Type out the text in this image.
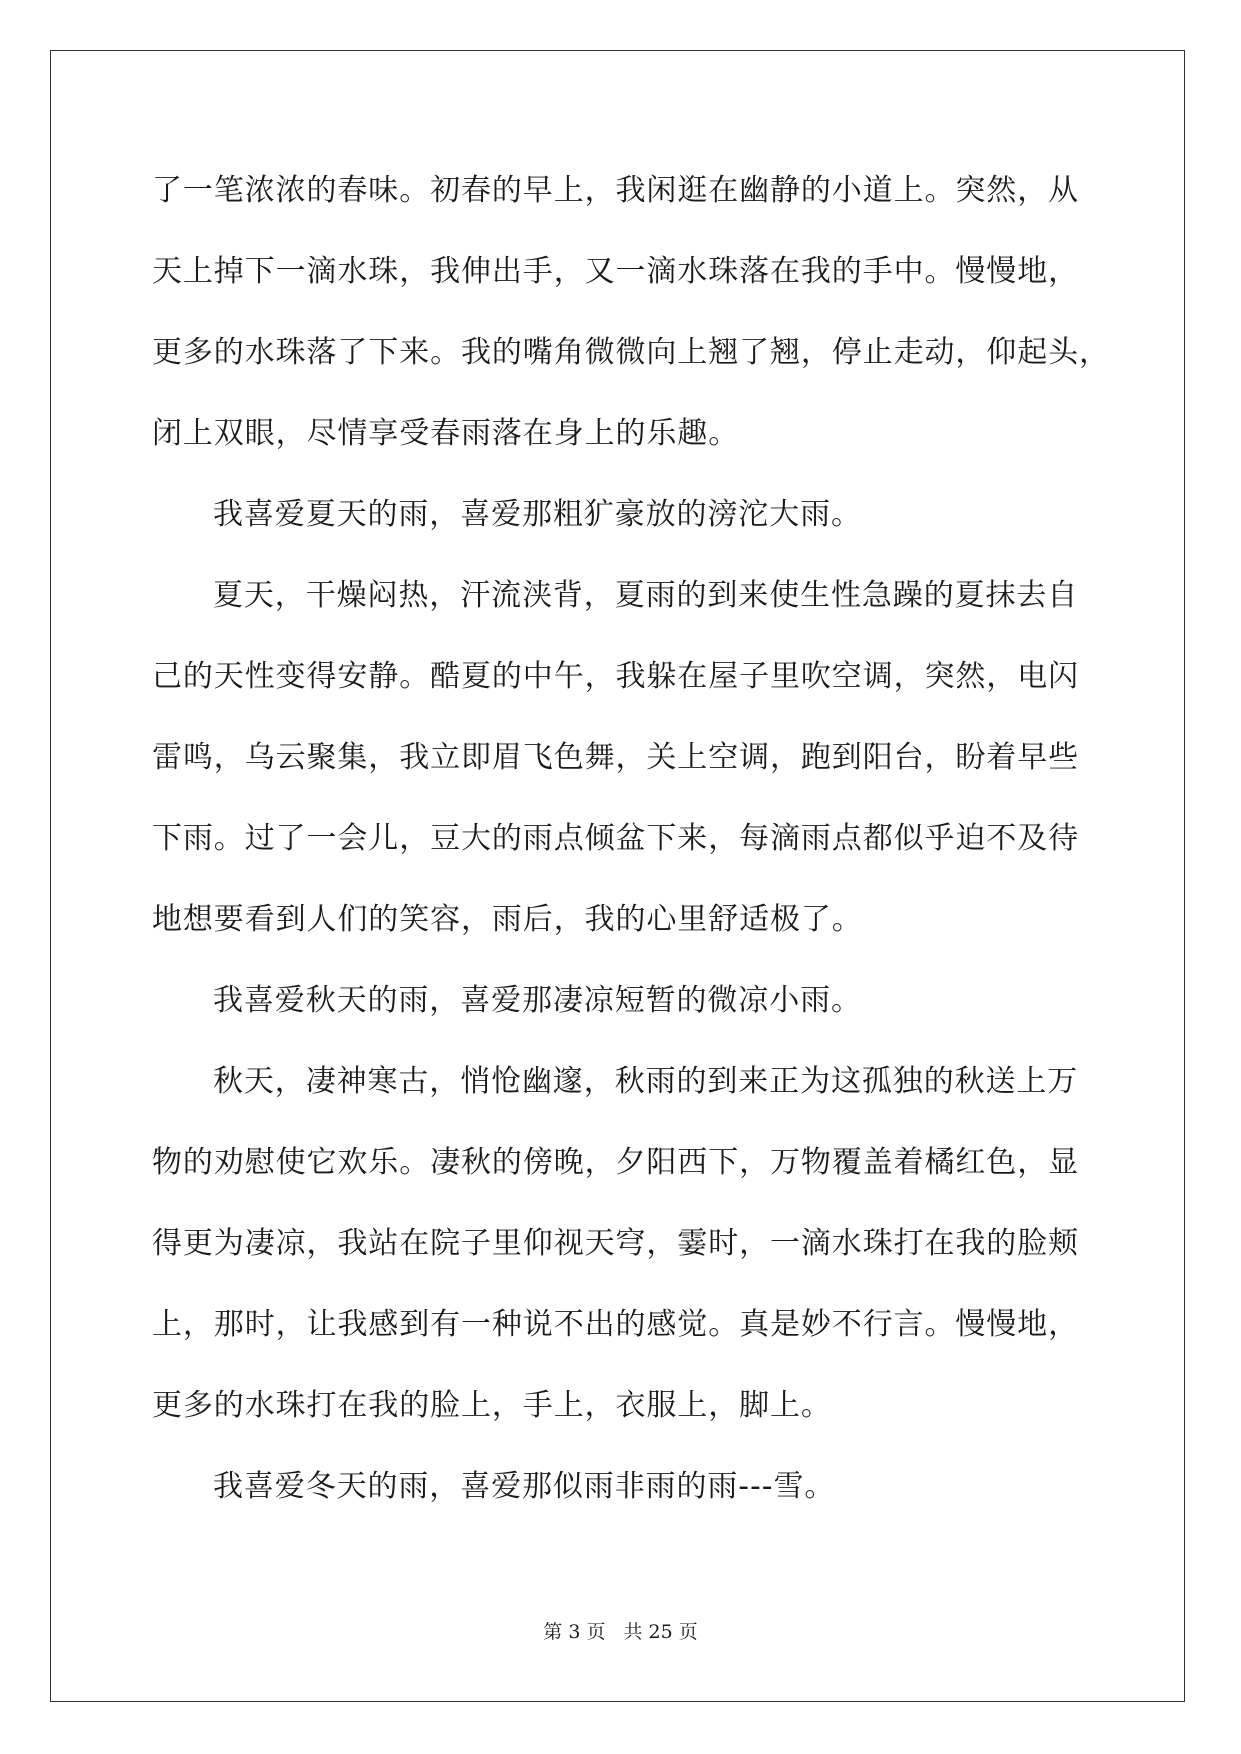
了一笔浓浓的春味。初春的早上，我闲逛在幽静的小道上。突然，从
天上掉下一滴水珠，我伸出手，又一滴水珠落在我的手中。慢慢地，
更多的水珠落了下来。我的嘴角微微向上翘了翘，停止走动，仰起头，
闭上双眼，尽情享受春雨落在身上的乐趣。
我喜爱夏天的雨，喜爱那粗犷豪放的滂沱大雨。
夏天，干燥闷热，汗流浃背，夏雨的到来使生性急躁的夏抹去自
己的天性变得安静。酷夏的中午，我躲在屋子里吹空调，突然，电闪
雷鸣，乌云聚集，我立即眉飞色舞，关上空调，跑到阳台，盼着早些
下雨。过了一会儿，豆大的雨点倾盆下来，每滴雨点都似乎迫不及待
地想要看到人们的笑容，雨后，我的心里舒适极了。
我喜爱秋天的雨，喜爱那凄凉短暂的微凉小雨。
秋天，凄神寒古，悄怆幽邃，秋雨的到来正为这孤独的秋送上万
物的劝慰使它欢乐。凄秋的傍晚，夕阳西下，万物覆盖着橘红色，显
得更为凄凉，我站在院子里仰视天穹，霎时，一滴水珠打在我的脸颊
上，那时，让我感到有一种说不出的感觉。真是妙不行言。慢慢地，
更多的水珠打在我的脸上，手上，衣服上，脚上。
我喜爱冬天的雨，喜爱那似雨非雨的雨---雪。
第 3 页 共 25 页
